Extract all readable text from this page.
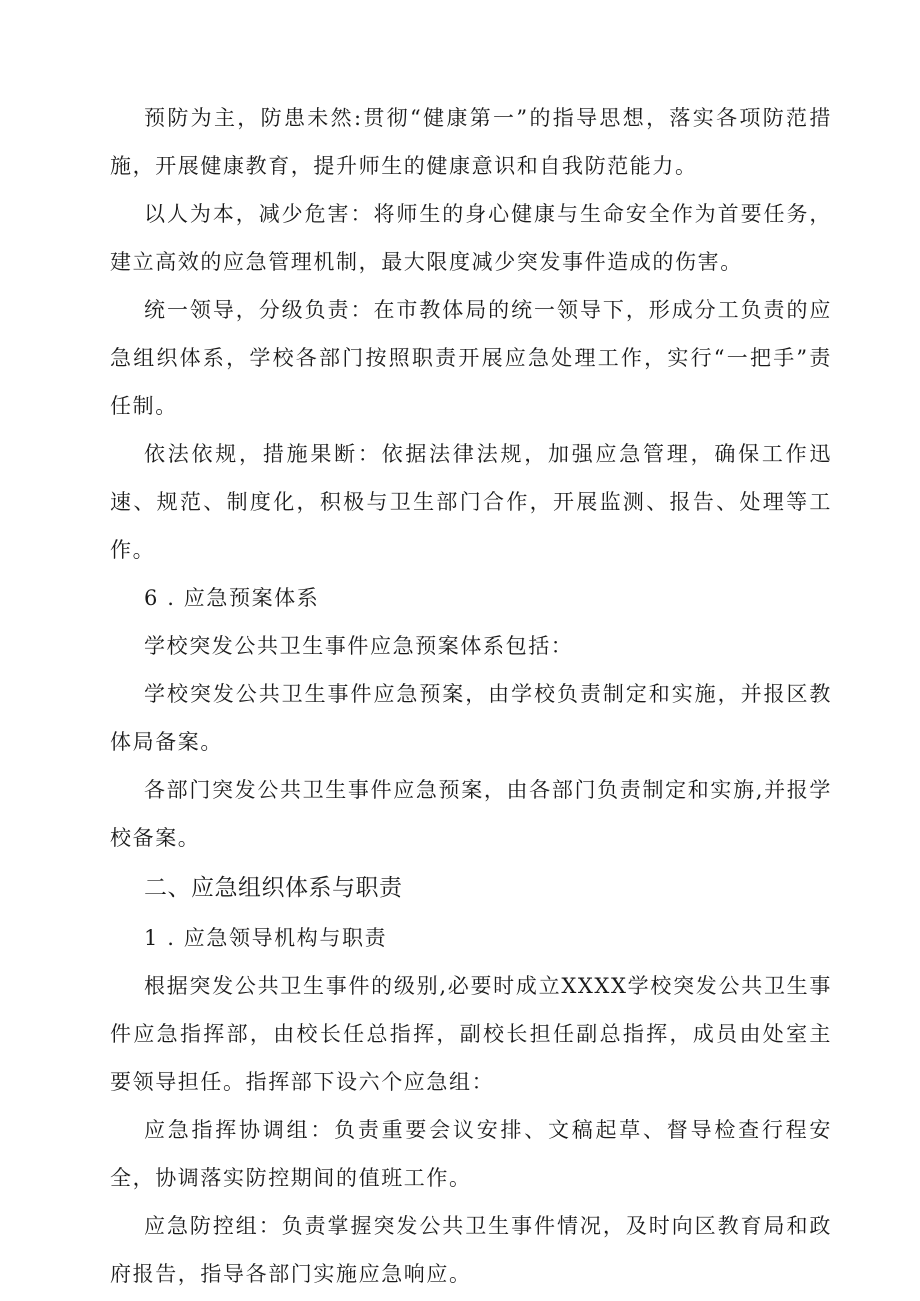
预防为主，防患未然:贯彻“健康第一”的指导思想，落实各项防范措施，开展健康教育，提升师生的健康意识和自我防范能力。

以人为本，减少危害：将师生的身心健康与生命安全作为首要任务，建立高效的应急管理机制，最大限度减少突发事件造成的伤害。

统一领导，分级负责：在市教体局的统一领导下，形成分工负责的应急组织体系，学校各部门按照职责开展应急处理工作，实行“一把手”责任制。

依法依规，措施果断：依据法律法规，加强应急管理，确保工作迅速、规范、制度化，积极与卫生部门合作，开展监测、报告、处理等工作。

6 . 应急预案体系

学校突发公共卫生事件应急预案体系包括：

学校突发公共卫生事件应急预案，由学校负责制定和实施，并报区教体局备案。

各部门突发公共卫生事件应急预案，由各部门负责制定和实旃,并报学校备案。

二、应急组织体系与职责

1 . 应急领导机构与职责

根据突发公共卫生事件的级别,必要时成立XXXX学校突发公共卫生事件应急指挥部，由校长任总指挥，副校长担任副总指挥，成员由处室主要领导担任。指挥部下设六个应急组：

应急指挥协调组：负责重要会议安排、文稿起草、督导检查行程安全，协调落实防控期间的值班工作。

应急防控组：负责掌握突发公共卫生事件情况，及时向区教育局和政府报告，指导各部门实施应急响应。
